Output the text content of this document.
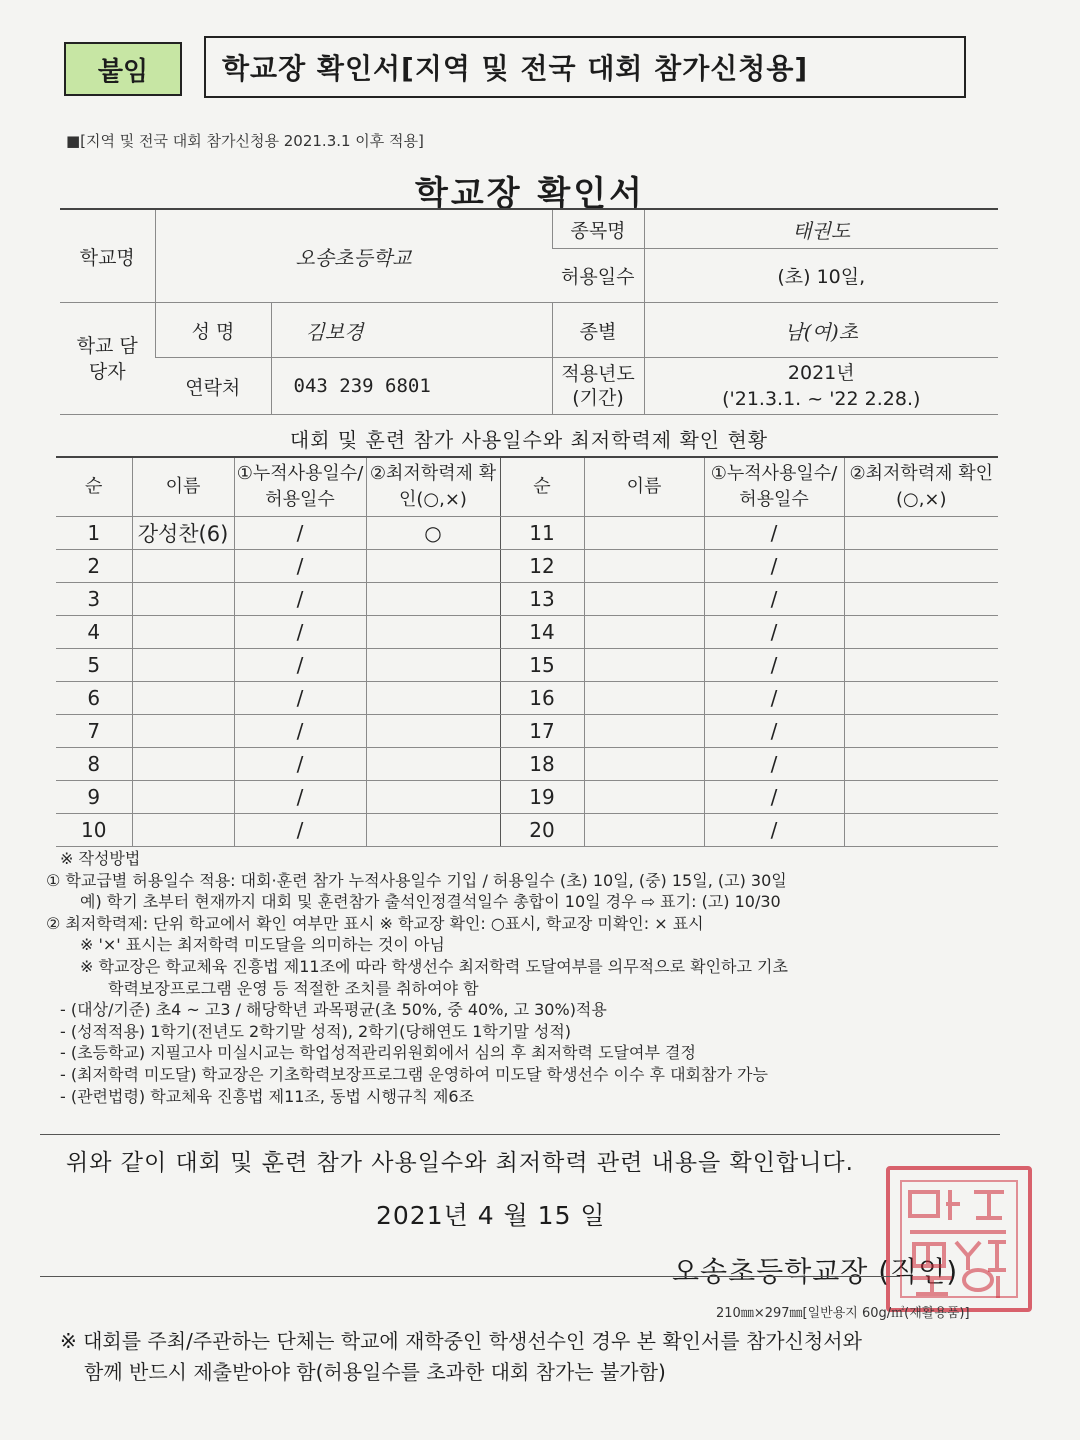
붙임	학교장 확인서[지역 및 전국 대회 참가신청용]
■[지역 및 전국 대회 참가신청용 2021.3.1 이후 적용]
학교장 확인서
학교명	오송초등학교		종목명	태권도
			허용일수	(초) 10일,
학교 담당자	성 명	김보경	종별	남(여)초
	연락처	043 239 6801	적용년도 (기간)	2021년
('21.3.1. ~ '22 2.28.)
대회 및 훈련 참가 사용일수와 최저학력제 확인 현황
순	이름	①누적사용일수/허용일수	②최저학력제 확인(○,×)	순	이름	①누적사용일수/ 허용일수	②최저학력제 확인(○,×)
1	강성찬(6)	/	○	11		/	
2		/		12		/	
3		/		13		/	
4		/		14		/	
5		/		15		/	
6		/		16		/	
7		/		17		/	
8		/		18		/	
9		/		19		/	
10		/		20		/	
※ 작성방법
① 학교급별 허용일수 적용: 대회·훈련 참가 누적사용일수 기입 / 허용일수 (초) 10일, (중) 15일, (고) 30일
예) 학기 초부터 현재까지 대회 및 훈련참가 출석인정결석일수 총합이 10일 경우 ⇨ 표기: (고) 10/30
② 최저학력제: 단위 학교에서 확인 여부만 표시 ※ 학교장 확인: ○표시, 학교장 미확인: × 표시
※ '×' 표시는 최저학력 미도달을 의미하는 것이 아님
※ 학교장은 학교체육 진흥법 제11조에 따라 학생선수 최저학력 도달여부를 의무적으로 확인하고 기초
학력보장프로그램 운영 등 적절한 조치를 취하여야 함
- (대상/기준) 초4 ~ 고3 / 해당학년 과목평균(초 50%, 중 40%, 고 30%)적용
- (성적적용) 1학기(전년도 2학기말 성적), 2학기(당해연도 1학기말 성적)
- (초등학교) 지필고사 미실시교는 학업성적관리위원회에서 심의 후 최저학력 도달여부 결정
- (최저학력 미도달) 학교장은 기초학력보장프로그램 운영하여 미도달 학생선수 이수 후 대회참가 가능
- (관련법령) 학교체육 진흥법 제11조, 동법 시행규칙 제6조
위와 같이 대회 및 훈련 참가 사용일수와 최저학력 관련 내용을 확인합니다.
2021년 4 월 15 일
오송초등학교장 (직인)
210㎜×297㎜[일반용지 60g/㎡(재활용품)]
※ 대회를 주최/주관하는 단체는 학교에 재학중인 학생선수인 경우 본 확인서를 참가신청서와
함께 반드시 제출받아야 함(허용일수를 초과한 대회 참가는 불가함)
